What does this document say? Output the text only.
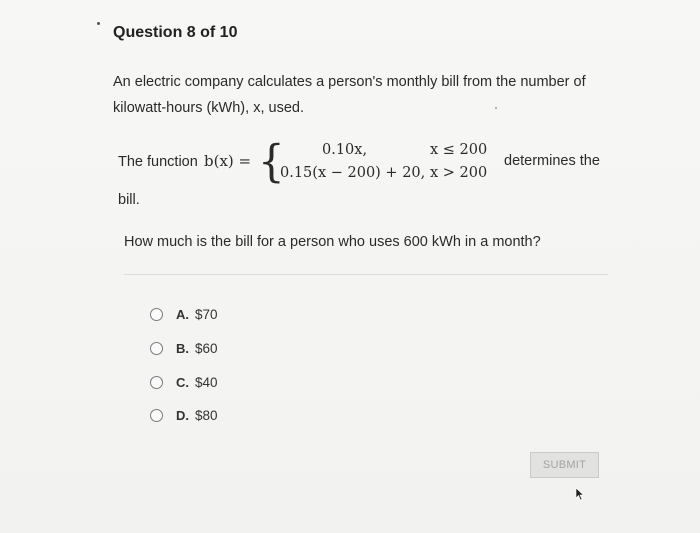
Question 8 of 10
An electric company calculates a person's monthly bill from the number of kilowatt-hours (kWh), x, used.
The function b(x) = {	0.10x,	x ≤ 200
0.15(x − 200) + 20, x > 200
determines the
bill.
How much is the bill for a person who uses 600 kWh in a month?
A. $70
B. $60
C. $40
D. $80
SUBMIT
